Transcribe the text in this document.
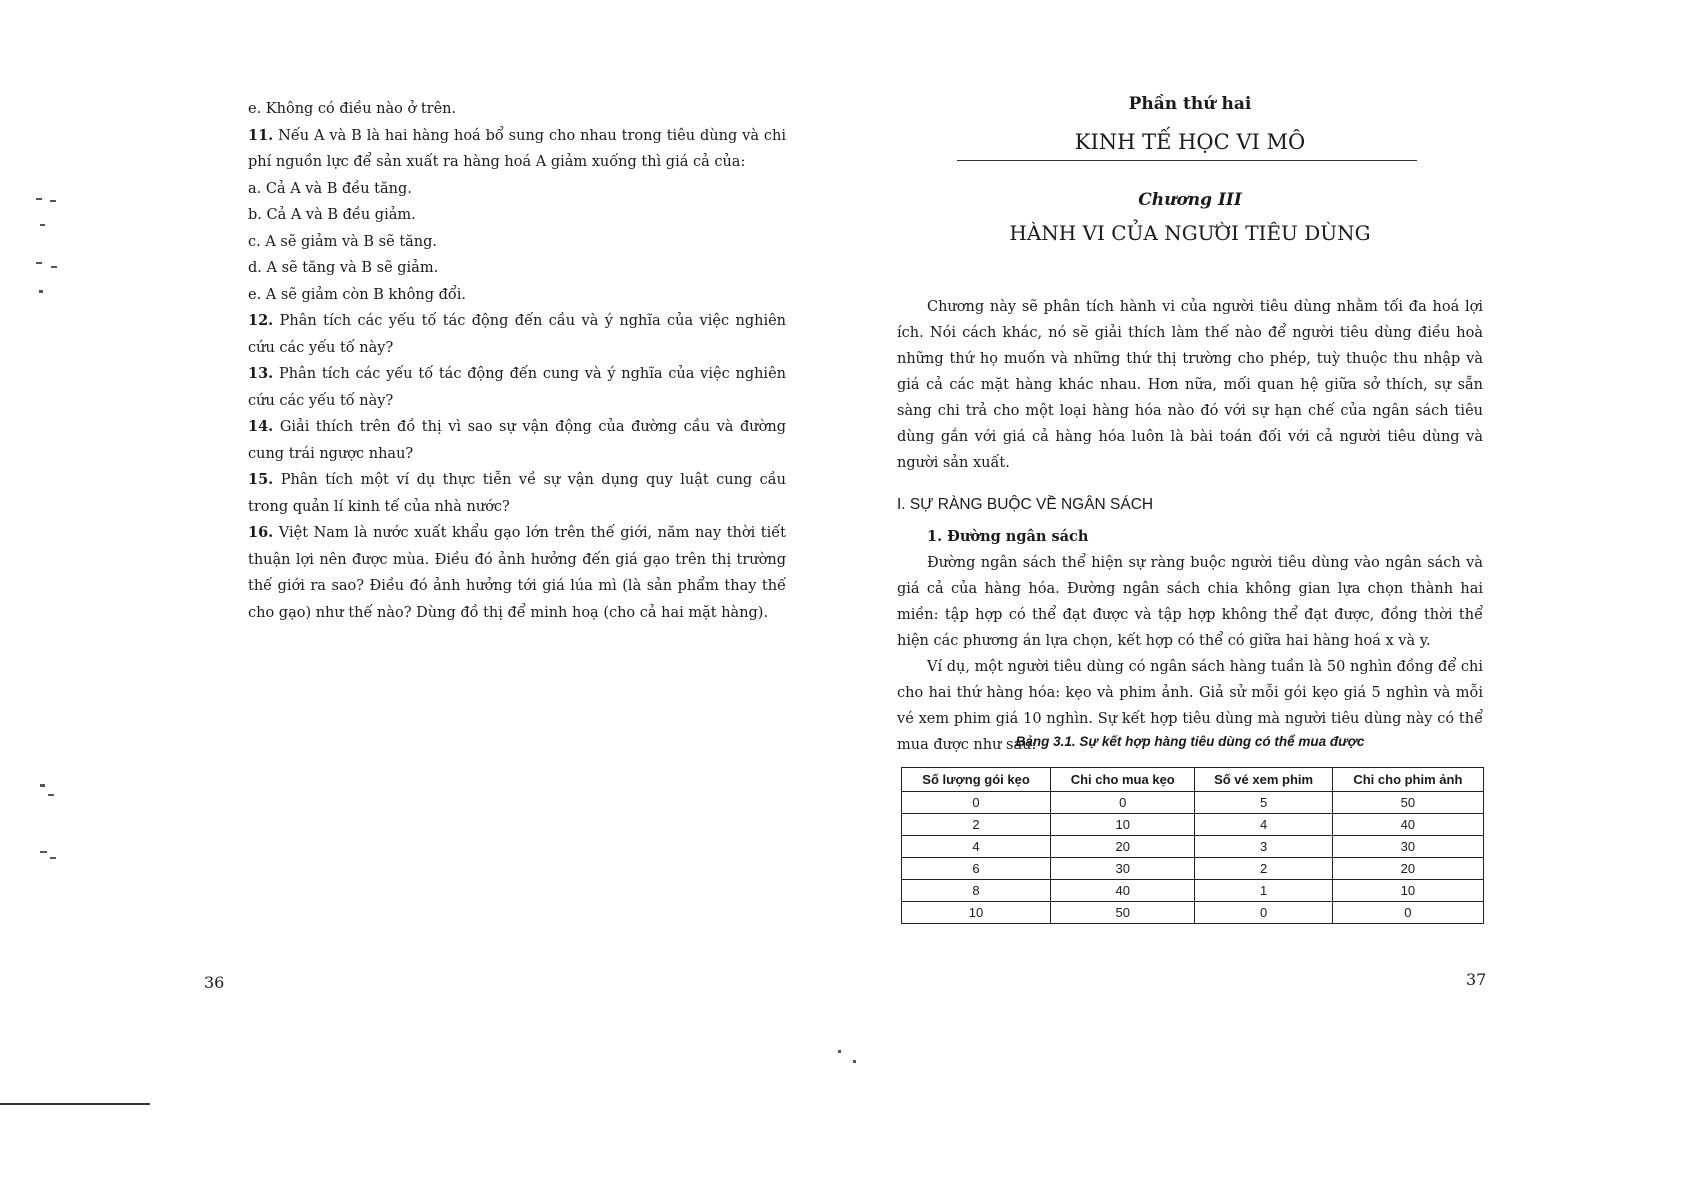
e. Không có điều nào ở trên.

11. Nếu A và B là hai hàng hoá bổ sung cho nhau trong tiêu dùng và chi phí nguồn lực để sản xuất ra hàng hoá A giảm xuống thì giá cả của:

a. Cả A và B đều tăng.

b. Cả A và B đều giảm.

c. A sẽ giảm và B sẽ tăng.

d. A sẽ tăng và B sẽ giảm.

e. A sẽ giảm còn B không đổi.

12. Phân tích các yếu tố tác động đến cầu và ý nghĩa của việc nghiên cứu các yếu tố này?

13. Phân tích các yếu tố tác động đến cung và ý nghĩa của việc nghiên cứu các yếu tố này?

14. Giải thích trên đồ thị vì sao sự vận động của đường cầu và đường cung trái ngược nhau?

15. Phân tích một ví dụ thực tiễn về sự vận dụng quy luật cung cầu trong quản lí kinh tế của nhà nước?

16. Việt Nam là nước xuất khẩu gạo lớn trên thế giới, năm nay thời tiết thuận lợi nên được mùa. Điều đó ảnh hưởng đến giá gạo trên thị trường thế giới ra sao? Điều đó ảnh hưởng tới giá lúa mì (là sản phẩm thay thế cho gạo) như thế nào? Dùng đồ thị để minh hoạ (cho cả hai mặt hàng).

36
Phần thứ hai
KINH TẾ HỌC VI MÔ
Chương III
HÀNH VI CỦA NGƯỜI TIÊU DÙNG

Chương này sẽ phân tích hành vi của người tiêu dùng nhằm tối đa hoá lợi ích. Nói cách khác, nó sẽ giải thích làm thế nào để người tiêu dùng điều hoà những thứ họ muốn và những thứ thị trường cho phép, tuỳ thuộc thu nhập và giá cả các mặt hàng khác nhau. Hơn nữa, mối quan hệ giữa sở thích, sự sẵn sàng chi trả cho một loại hàng hóa nào đó với sự hạn chế của ngân sách tiêu dùng gắn với giá cả hàng hóa luôn là bài toán đối với cả người tiêu dùng và người sản xuất.

I. SỰ RÀNG BUỘC VỀ NGÂN SÁCH

1. Đường ngân sách

Đường ngân sách thể hiện sự ràng buộc người tiêu dùng vào ngân sách và giá cả của hàng hóa. Đường ngân sách chia không gian lựa chọn thành hai miền: tập hợp có thể đạt được và tập hợp không thể đạt được, đồng thời thể hiện các phương án lựa chọn, kết hợp có thể có giữa hai hàng hoá x và y.

Ví dụ, một người tiêu dùng có ngân sách hàng tuần là 50 nghìn đồng để chi cho hai thứ hàng hóa: kẹo và phim ảnh. Giả sử mỗi gói kẹo giá 5 nghìn và mỗi vé xem phim giá 10 nghìn. Sự kết hợp tiêu dùng mà người tiêu dùng này có thể mua được như sau:

Bảng 3.1. Sự kết hợp hàng tiêu dùng có thể mua được
Số lượng gói kẹo	Chi cho mua kẹo	Số vé xem phim	Chi cho phim ảnh
0	0	5	50
2	10	4	40
4	20	3	30
6	30	2	20
8	40	1	10
10	50	0	0
37
